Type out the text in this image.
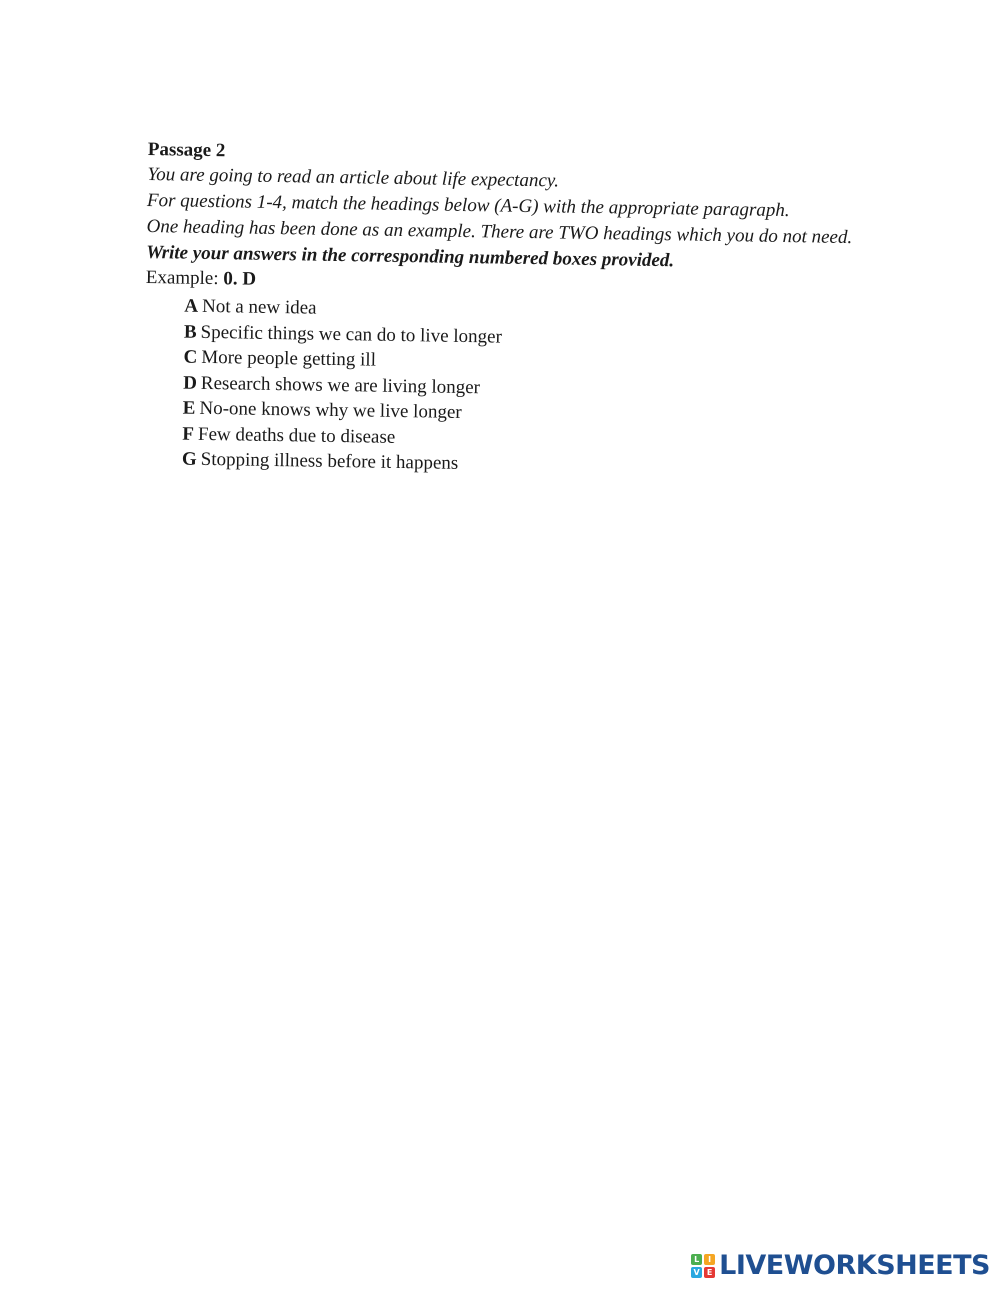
Passage 2

You are going to read an article about life expectancy.

For questions 1-4, match the headings below (A-G) with the appropriate paragraph.

One heading has been done as an example. There are TWO headings which you do not need.

Write your answers in the corresponding numbered boxes provided.

Example: 0. D

A Not a new idea
B Specific things we can do to live longer
C More people getting ill
D Research shows we are living longer
E No-one knows why we live longer
F Few deaths due to disease
G Stopping illness before it happens
L	I
V E LIVEWORKSHEETS
